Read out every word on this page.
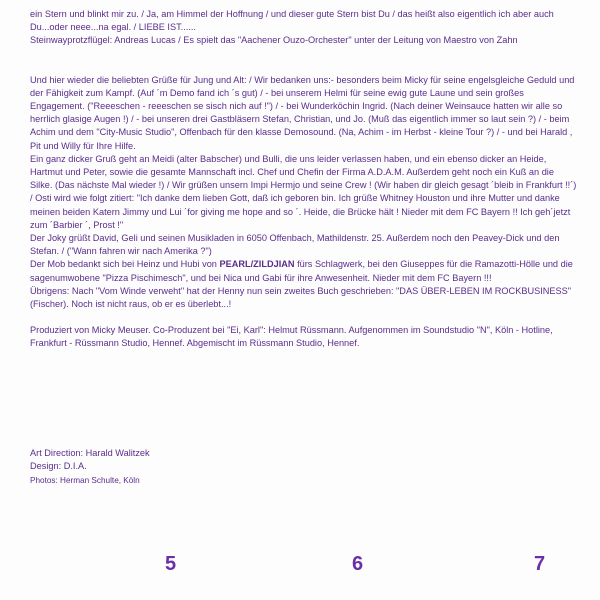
ein Stern und blinkt mir zu. / Ja, am Himmel der Hoffnung / und dieser gute Stern bist Du / das heißt also eigentlich ich aber auch Du...oder neee...na egal. / LIEBE IST......

Steinwayprotzflügel: Andreas Lucas / Es spielt das "Aachener Ouzo-Orchester" unter der Leitung von Maestro von Zahn

Und hier wieder die beliebten Grüße für Jung und Alt: / Wir bedanken uns:- besonders beim Micky für seine engelsgleiche Geduld und der Fähigkeit zum Kampf. (Auf ´m Demo fand ich ´s gut) / - bei unserem Helmi für seine ewig gute Laune und sein großes Engagement. ("Reeeschen - reeeschen se sisch nich auf !") / - bei Wunderköchin Ingrid. (Nach deiner Weinsauce hatten wir alle so herrlich glasige Augen !) / - bei unseren drei Gastbläsern Stefan, Christian, und Jo. (Muß das eigentlich immer so laut sein ?) / - beim Achim und dem "City-Music Studio", Offenbach für den klasse Demosound. (Na, Achim - im Herbst - kleine Tour ?) / - und bei Harald , Pit und Willy für Ihre Hilfe.

Ein ganz dicker Gruß geht an Meidi (alter Babscher) und Bulli, die uns leider verlassen haben, und ein ebenso dicker an Heide, Hartmut und Peter, sowie die gesamte Mannschaft incl. Chef und Chefin der Firma A.D.A.M. Außerdem geht noch ein Kuß an die Silke. (Das nächste Mal wieder !) / Wir grüßen unsern Impi Hermjo und seine Crew ! (Wir haben dir gleich gesagt ´bleib in Frankfurt !!´) / Osti wird wie folgt zitiert: "Ich danke dem lieben Gott, daß ich geboren bin. Ich grüße Whitney Houston und ihre Mutter und danke meinen beiden Katern Jimmy und Lui ´for giving me hope and so ´. Heide, die Brücke hält ! Nieder mit dem FC Bayern !! Ich geh´jetzt zum ´Barbier ´, Prost !"

Der Joky grüßt David, Geli und seinen Musikladen in 6050 Offenbach, Mathildenstr. 25. Außerdem noch den Peavey-Dick und den Stefan. / ("Wann fahren wir nach Amerika ?")

Der Mob bedankt sich bei Heinz und Hubi von PEARL/ZILDJIAN fürs Schlagwerk, bei den Giuseppes für die Ramazotti-Hölle und die sagenumwobene "Pizza Pischimesch", und bei Nica und Gabi für ihre Anwesenheit. Nieder mit dem FC Bayern !!!

Übrigens: Nach "Vom Winde verweht" hat der Henny nun sein zweites Buch geschrieben: "DAS ÜBER-LEBEN IM ROCKBUSINESS" (Fischer). Noch ist nicht raus, ob er es überlebt...!

Produziert von Micky Meuser. Co-Produzent bei "Ei, Karl": Helmut Rüssmann. Aufgenommen im Soundstudio "N", Köln - Hotline, Frankfurt - Rüssmann Studio, Hennef. Abgemischt im Rüssmann Studio, Hennef.

Art Direction: Harald Walitzek
Design: D.I.A.
Photos: Herman Schulte, Köln
5	6	7
